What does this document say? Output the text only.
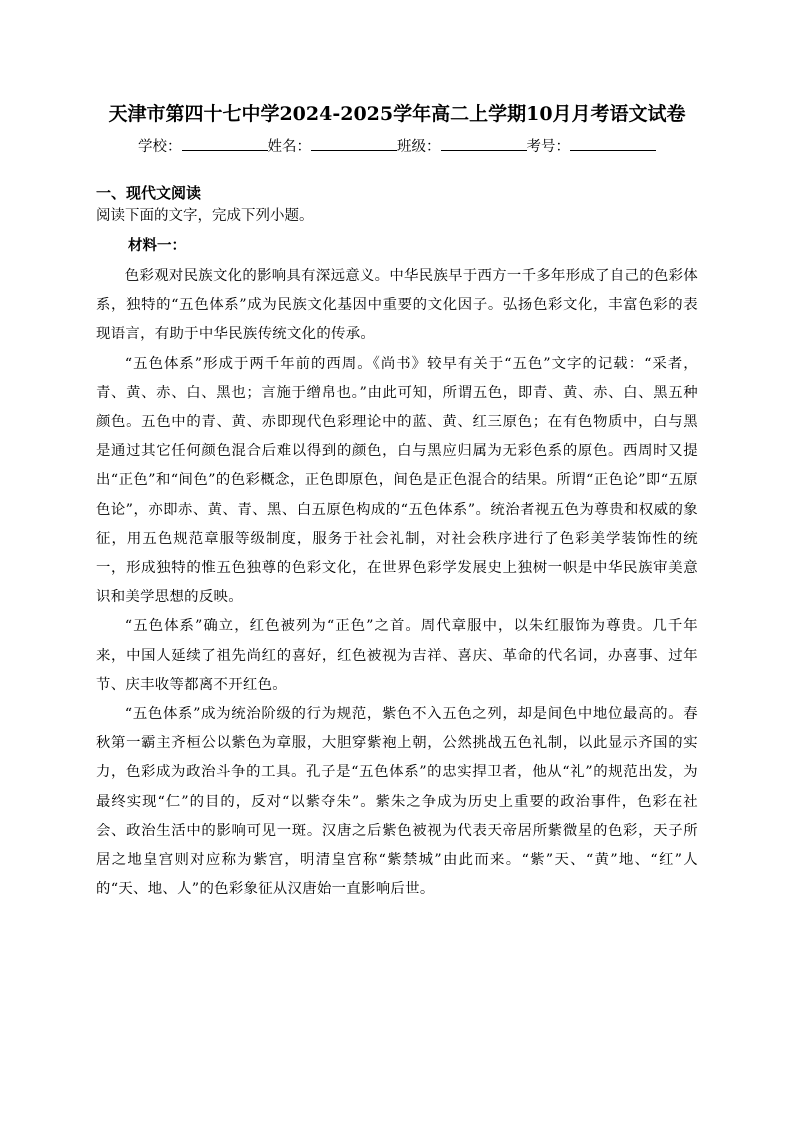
天津市第四十七中学2024-2025学年高二上学期10月月考语文试卷
学校：	姓名：	班级：	考号：
一、现代文阅读
阅读下面的文字，完成下列小题。
材料一：

色彩观对民族文化的影响具有深远意义。中华民族早于西方一千多年形成了自己的色彩体系，独特的“五色体系”成为民族文化基因中重要的文化因子。弘扬色彩文化，丰富色彩的表现语言，有助于中华民族传统文化的传承。

“五色体系”形成于两千年前的西周。《尚书》较早有关于“五色”文字的记载：“采者，青、黄、赤、白、黑也；言施于缯帛也。”由此可知，所谓五色，即青、黄、赤、白、黑五种颜色。五色中的青、黄、赤即现代色彩理论中的蓝、黄、红三原色；在有色物质中，白与黑是通过其它任何颜色混合后难以得到的颜色，白与黑应归属为无彩色系的原色。西周时又提出“正色”和“间色”的色彩概念，正色即原色，间色是正色混合的结果。所谓“正色论”即“五原色论”，亦即赤、黄、青、黑、白五原色构成的“五色体系”。统治者视五色为尊贵和权威的象征，用五色规范章服等级制度，服务于社会礼制，对社会秩序进行了色彩美学装饰性的统一，形成独特的惟五色独尊的色彩文化，在世界色彩学发展史上独树一帜是中华民族审美意识和美学思想的反映。

“五色体系”确立，红色被列为“正色”之首。周代章服中，以朱红服饰为尊贵。几千年来，中国人延续了祖先尚红的喜好，红色被视为吉祥、喜庆、革命的代名词，办喜事、过年节、庆丰收等都离不开红色。

“五色体系”成为统治阶级的行为规范，紫色不入五色之列，却是间色中地位最高的。春秋第一霸主齐桓公以紫色为章服，大胆穿紫袍上朝，公然挑战五色礼制，以此显示齐国的实力，色彩成为政治斗争的工具。孔子是“五色体系”的忠实捍卫者，他从“礼”的规范出发，为最终实现“仁”的目的，反对“以紫夺朱”。紫朱之争成为历史上重要的政治事件，色彩在社会、政治生活中的影响可见一斑。汉唐之后紫色被视为代表天帝居所紫微星的色彩，天子所居之地皇宫则对应称为紫宫，明清皇宫称“紫禁城”由此而来。“紫”天、“黄”地、“红”人的“天、地、人”的色彩象征从汉唐始一直影响后世。
